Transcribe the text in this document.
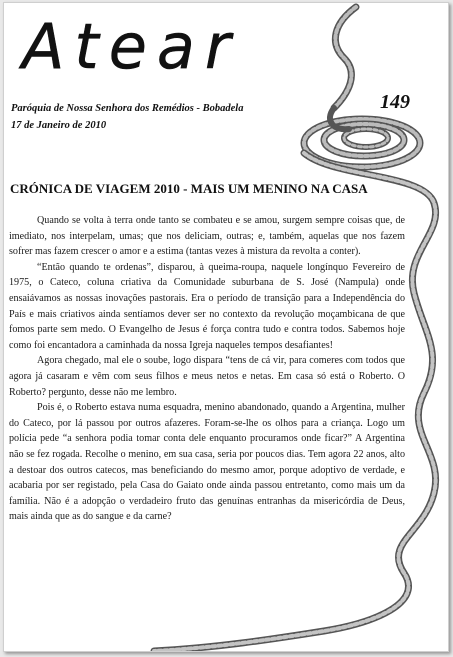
Atear
Paróquia de Nossa Senhora dos Remédios - Bobadela
17 de Janeiro de 2010
149
CRÓNICA DE VIAGEM 2010 - MAIS UM MENINO NA CASA

Quando se volta à terra onde tanto se combateu e se amou, surgem sempre coisas que, de imediato, nos interpelam, umas; que nos deliciam, outras; e, também, aquelas que nos fazem sofrer mas fazem crescer o amor e a estima (tantas vezes à mistura da revolta a conter).

“Então quando te ordenas”, disparou, à queima-roupa, naquele longínquo Fevereiro de 1975, o Cateco, coluna criativa da Comunidade suburbana de S. José (Nampula) onde ensaiávamos as nossas inovações pastorais. Era o período de transição para a Independência do País e mais criativos ainda sentíamos dever ser no contexto da revolução moçambicana de que fomos parte sem medo. O Evangelho de Jesus é força contra tudo e contra todos. Sabemos hoje como foi encantadora a caminhada da nossa Igreja naqueles tempos desafiantes!

Agora chegado, mal ele o soube, logo dispara “tens de cá vir, para comeres com todos que agora já casaram e vêm com seus filhos e meus netos e netas. Em casa só está o Roberto. O Roberto? pergunto, desse não me lembro.

Pois é, o Roberto estava numa esquadra, menino abandonado, quando a Argentina, mulher do Cateco, por lá passou por outros afazeres. Foram-se-lhe os olhos para a criança. Logo um polícia pede “a senhora podia tomar conta dele enquanto procuramos onde ficar?” A Argentina não se fez rogada. Recolhe o menino, em sua casa, seria por poucos dias. Tem agora 22 anos, alto a destoar dos outros catecos, mas beneficiando do mesmo amor, porque adoptivo de verdade, e acabaria por ser registado, pela Casa do Gaiato onde ainda passou entretanto, como mais um da família. Não é a adopção o verdadeiro fruto das genuínas entranhas da misericórdia de Deus, mais ainda que as do sangue e da carne?
